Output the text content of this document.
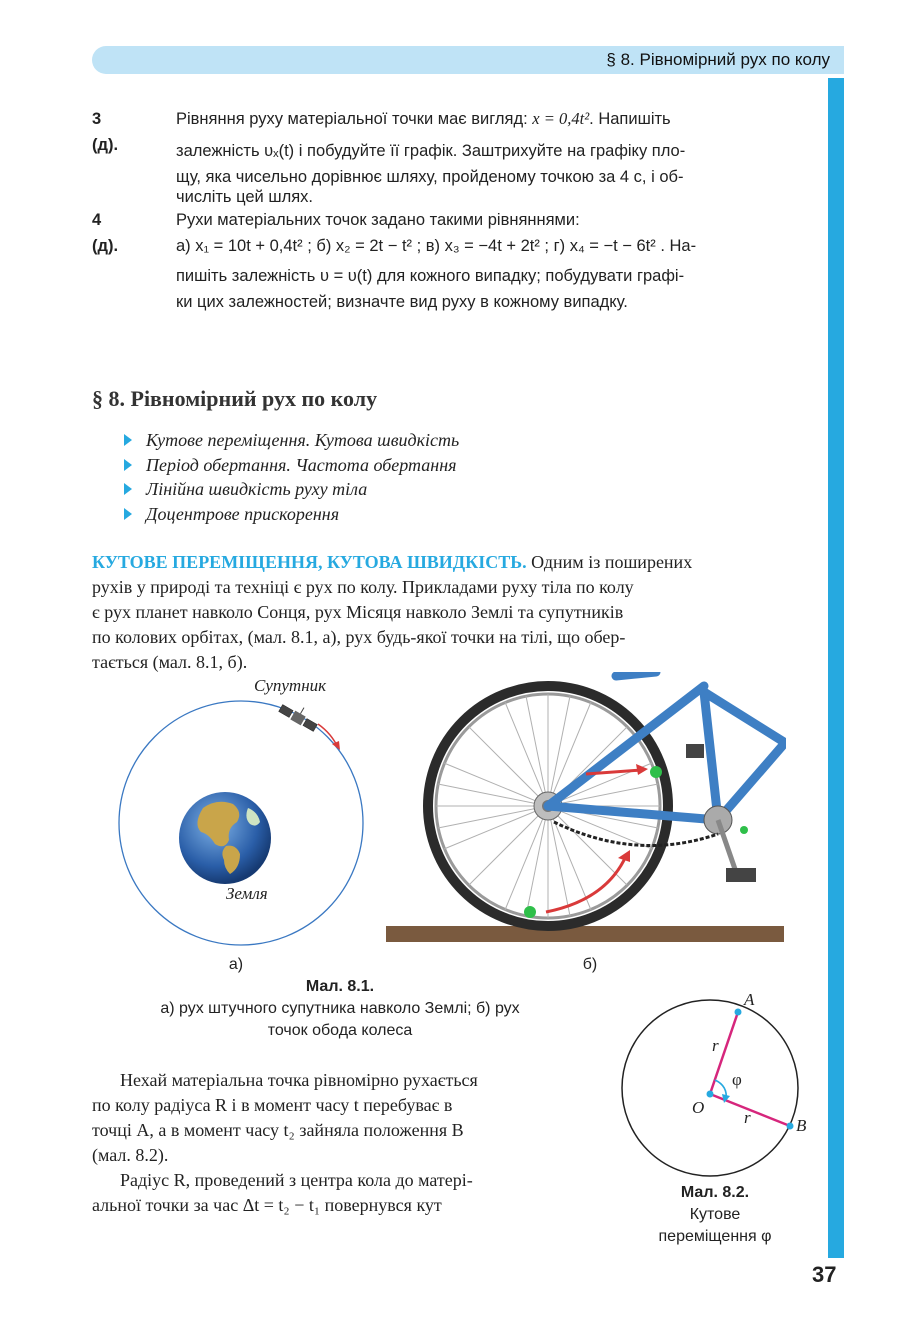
§ 8. Рівномірний рух по колу
3 (д).
Рівняння руху матеріальної точки має вигляд: x = 0,4t². Напишіть
залежність υₓ(t) і побудуйте її графік. Заштрихуйте на графіку пло-
щу, яка чисельно дорівнює шляху, пройденому точкою за 4 с, і об-
числіть цей шлях.
4 (д).
Рухи матеріальних точок задано такими рівняннями:
а) x₁ = 10t + 0,4t² ; б) x₂ = 2t − t² ; в) x₃ = −4t + 2t² ; г) x₄ = −t − 6t² . На-
пишіть залежність υ = υ(t) для кожного випадку; побудувати графі-
ки цих залежностей; визначте вид руху в кожному випадку.
§ 8. Рівномірний рух по колу
Кутове переміщення. Кутова швидкість
Період обертання. Частота обертання
Лінійна швидкість руху тіла
Доцентрове прискорення
КУТОВЕ ПЕРЕМІЩЕННЯ, КУТОВА ШВИДКІСТЬ. Одним із поширених
рухів у природі та техніці є рух по колу. Прикладами руху тіла по колу
є рух планет навколо Сонця, рух Місяця навколо Землі та супутників
по колових орбітах, (мал. 8.1, а), рух будь-якої точки на тілі, що обер-
тається (мал. 8.1, б).
Супутник
Земля
а)	б)
Мал. 8.1.
а) рух штучного супутника навколо Землі; б) рух
точок обода колеса
Нехай матеріальна точка рівномірно рухається
по колу радіуса R і в момент часу t перебуває в
точці A, а в момент часу t₂ зайняла положення B
(мал. 8.2).
Радіус R, проведений з центра кола до матері-
альної точки за час Δt = t₂ − t₁ повернувся кут
A
B
O
r
r
φ
Мал. 8.2.
Кутове
переміщення φ
37
